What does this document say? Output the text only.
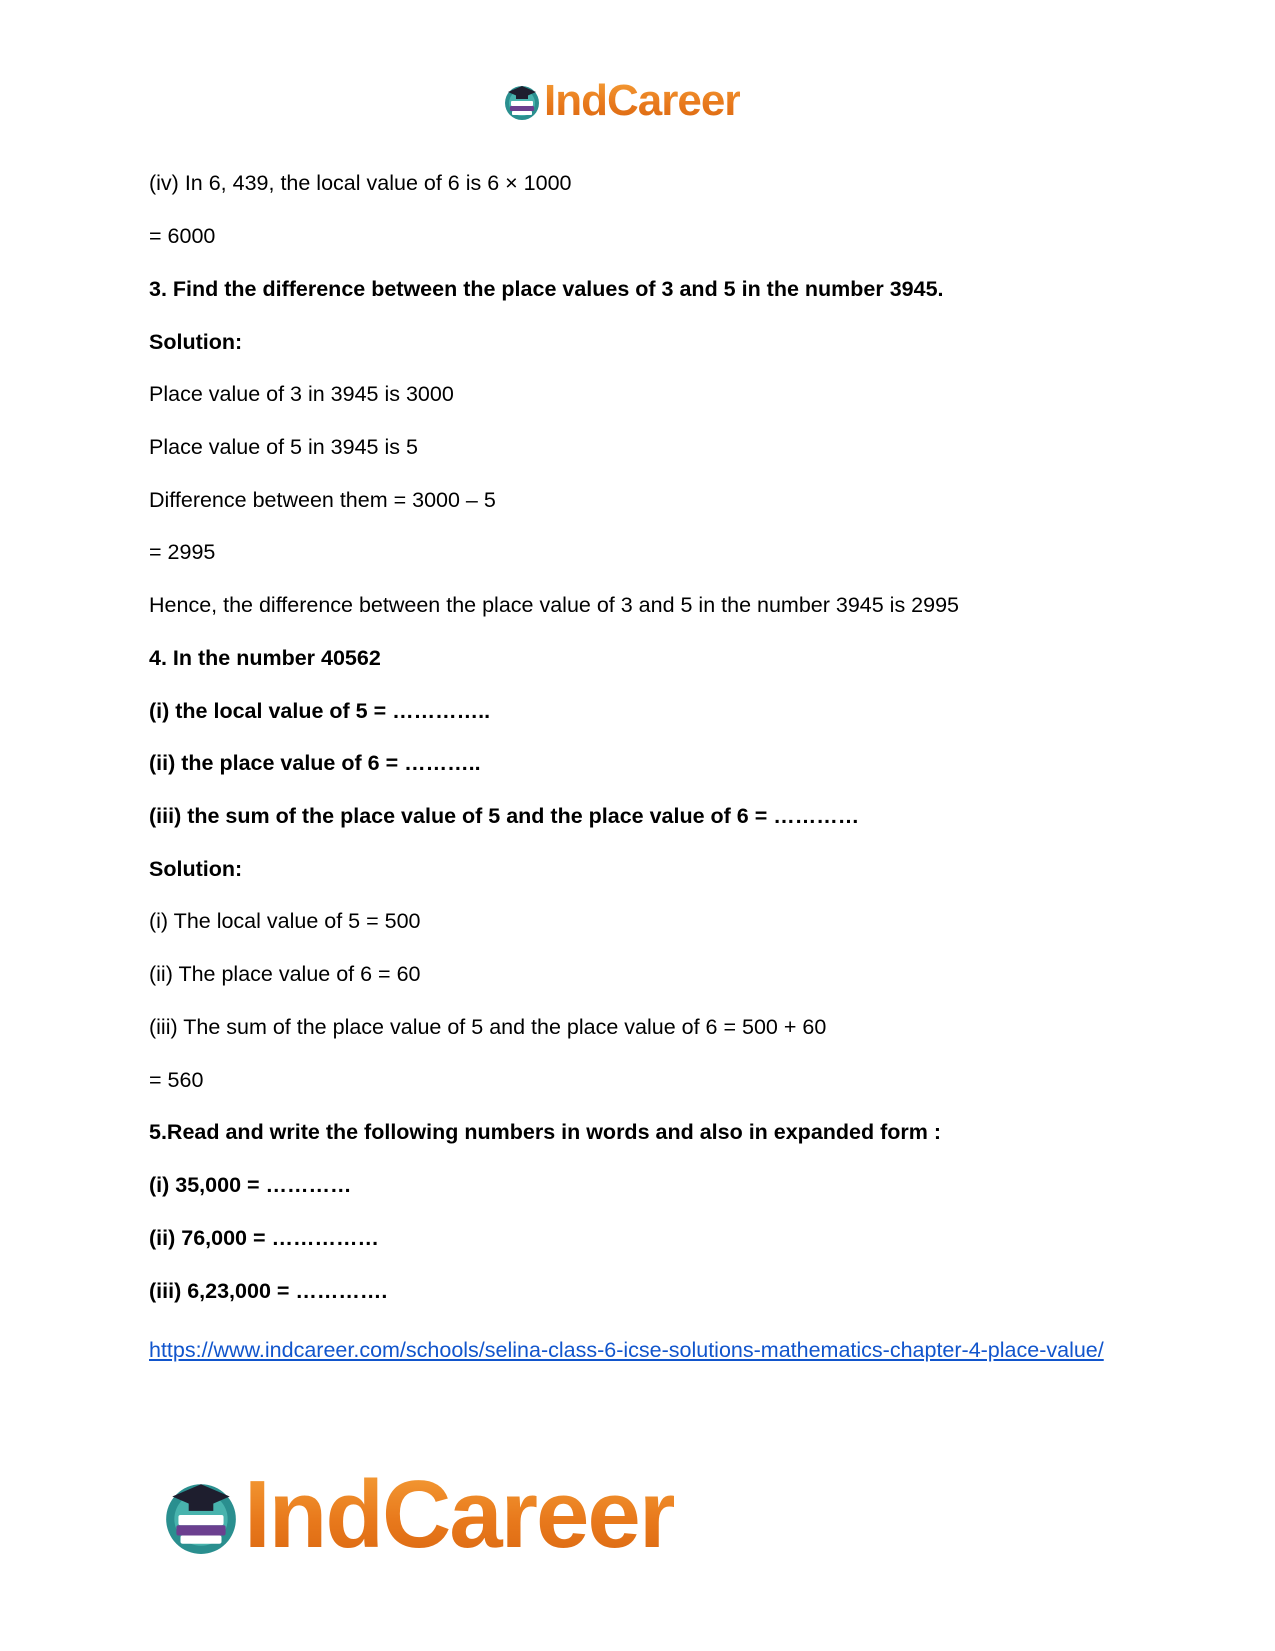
IndCareer
(iv) In 6, 439, the local value of 6 is 6 × 1000
= 6000
3. Find the difference between the place values of 3 and 5 in the number 3945.
Solution:
Place value of 3 in 3945 is 3000
Place value of 5 in 3945 is 5
Difference between them = 3000 – 5
= 2995
Hence, the difference between the place value of 3 and 5 in the number 3945 is 2995
4. In the number 40562
(i) the local value of 5 = …………..
(ii) the place value of 6 = ………..
(iii) the sum of the place value of 5 and the place value of 6 = …………
Solution:
(i) The local value of 5 = 500
(ii) The place value of 6 = 60
(iii) The sum of the place value of 5 and the place value of 6 = 500 + 60
= 560
5.Read and write the following numbers in words and also in expanded form :
(i) 35,000 = …………
(ii) 76,000 = ……………
(iii) 6,23,000 = ………….
https://www.indcareer.com/schools/selina-class-6-icse-solutions-mathematics-chapter-4-place-value/
IndCareer
